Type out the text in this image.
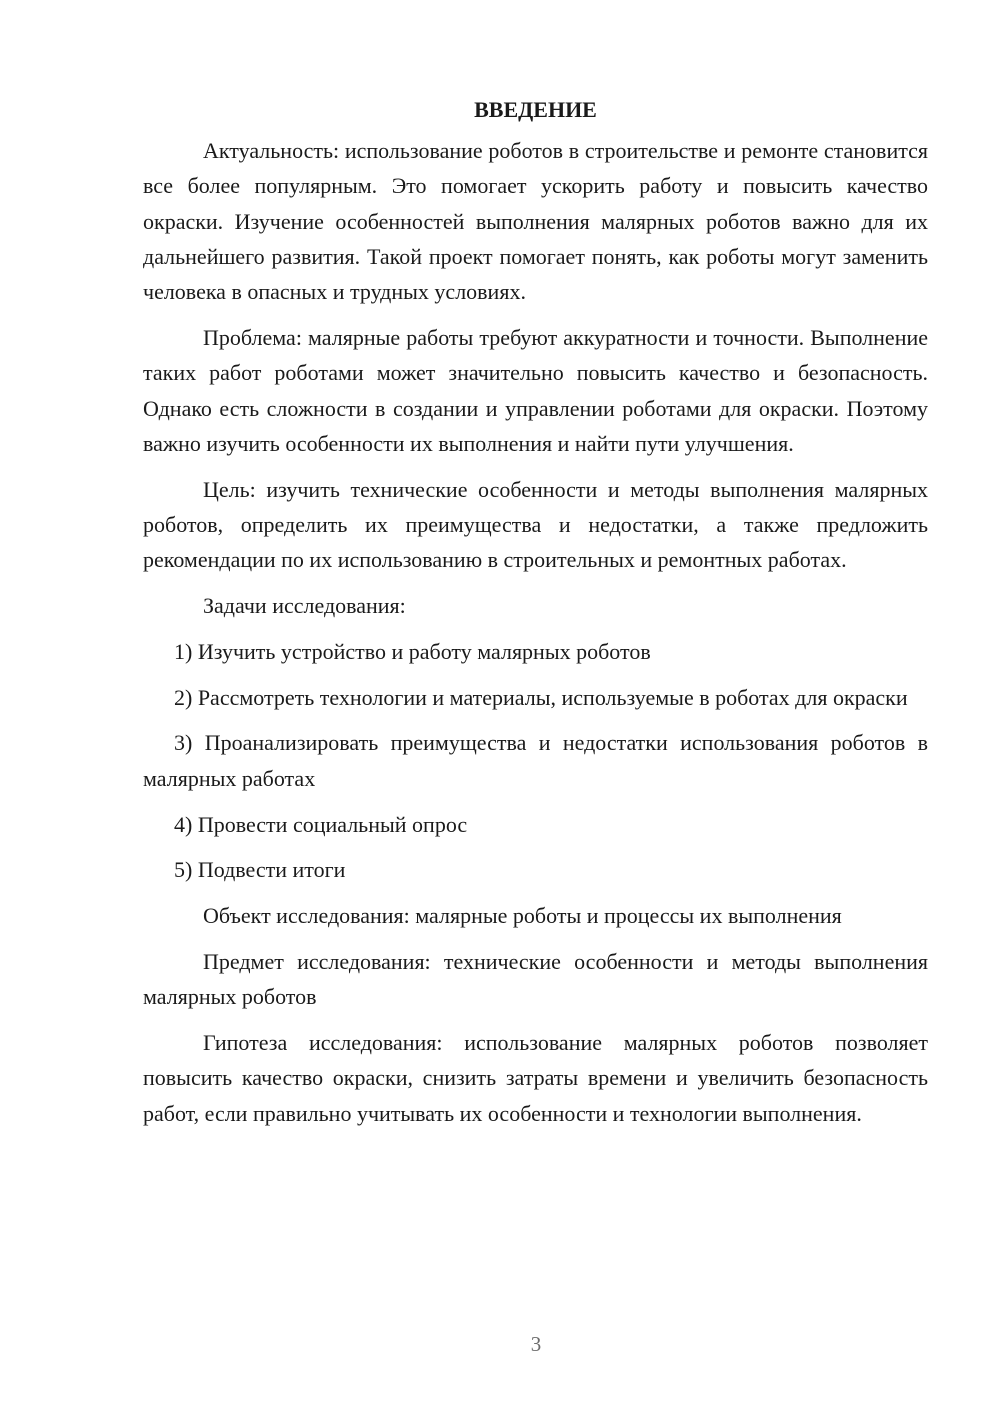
ВВЕДЕНИЕ

Актуальность: использование роботов в строительстве и ремонте становится все более популярным. Это помогает ускорить работу и повысить качество окраски. Изучение особенностей выполнения малярных роботов важно для их дальнейшего развития. Такой проект помогает понять, как роботы могут заменить человека в опасных и трудных условиях.

Проблема: малярные работы требуют аккуратности и точности. Выполнение таких работ роботами может значительно повысить качество и безопасность. Однако есть сложности в создании и управлении роботами для окраски. Поэтому важно изучить особенности их выполнения и найти пути улучшения.

Цель: изучить технические особенности и методы выполнения малярных роботов, определить их преимущества и недостатки, а также предложить рекомендации по их использованию в строительных и ремонтных работах.

Задачи исследования:

1) Изучить устройство и работу малярных роботов

2) Рассмотреть технологии и материалы, используемые в роботах для окраски

3) Проанализировать преимущества и недостатки использования роботов в малярных работах

4) Провести социальный опрос

5) Подвести итоги

Объект исследования: малярные роботы и процессы их выполнения

Предмет исследования: технические особенности и методы выполнения малярных роботов

Гипотеза исследования: использование малярных роботов позволяет повысить качество окраски, снизить затраты времени и увеличить безопасность работ, если правильно учитывать их особенности и технологии выполнения.

3
